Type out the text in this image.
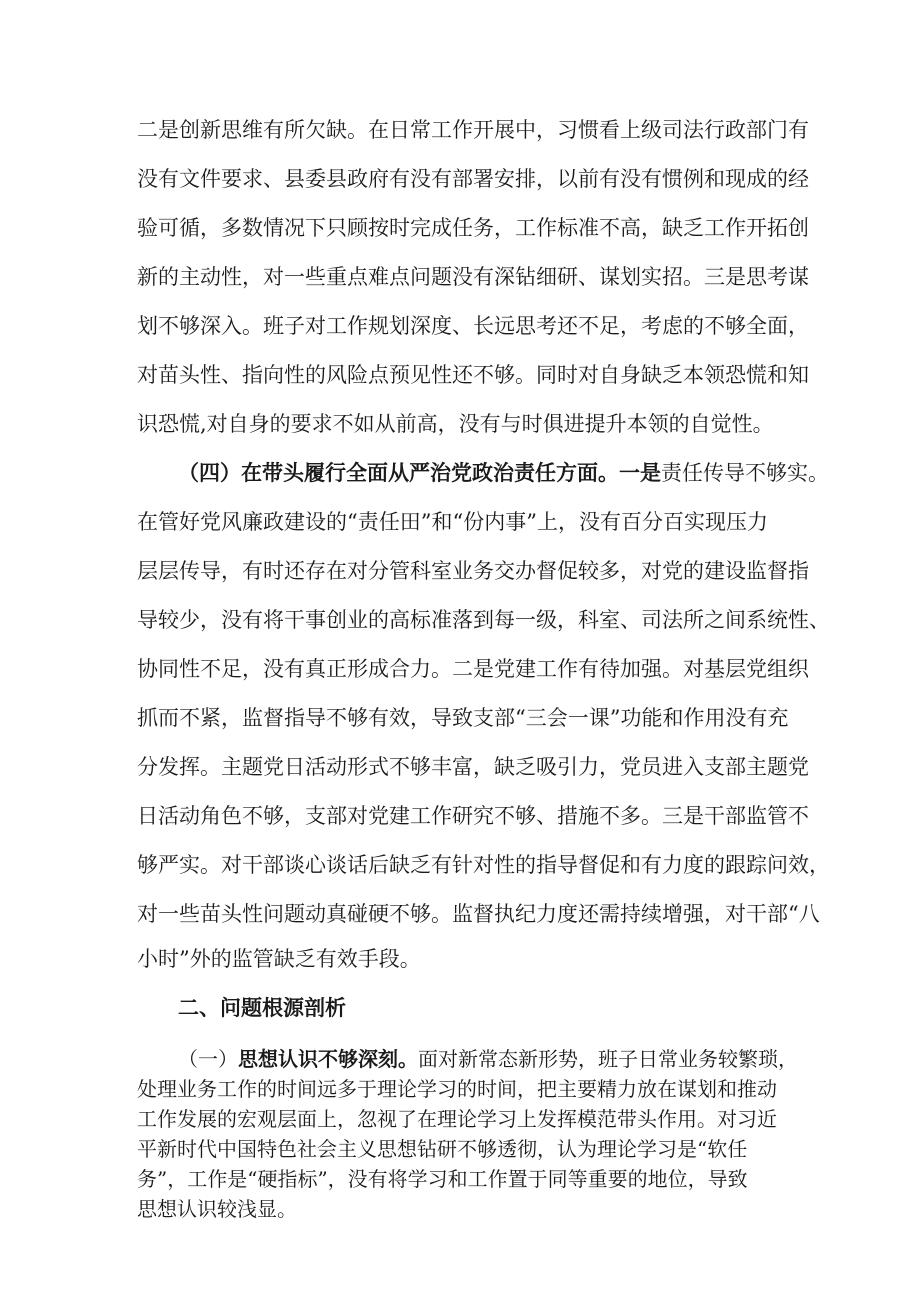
二是创新思维有所欠缺。在日常工作开展中，习惯看上级司法行政部门有
没有文件要求、县委县政府有没有部署安排，以前有没有惯例和现成的经
验可循，多数情况下只顾按时完成任务，工作标准不高，缺乏工作开拓创
新的主动性，对一些重点难点问题没有深钻细研、谋划实招。三是思考谋
划不够深入。班子对工作规划深度、长远思考还不足，考虑的不够全面，
对苗头性、指向性的风险点预见性还不够。同时对自身缺乏本领恐慌和知
识恐慌,对自身的要求不如从前高，没有与时俱进提升本领的自觉性。
（四）在带头履行全面从严治党政治责任方面。一是责任传导不够实。
在管好党风廉政建设的“责任田”和“份内事”上，没有百分百实现压力
层层传导，有时还存在对分管科室业务交办督促较多，对党的建设监督指
导较少，没有将干事创业的高标准落到每一级，科室、司法所之间系统性、
协同性不足，没有真正形成合力。二是党建工作有待加强。对基层党组织
抓而不紧，监督指导不够有效，导致支部“三会一课”功能和作用没有充
分发挥。主题党日活动形式不够丰富，缺乏吸引力，党员进入支部主题党
日活动角色不够，支部对党建工作研究不够、措施不多。三是干部监管不
够严实。对干部谈心谈话后缺乏有针对性的指导督促和有力度的跟踪问效，
对一些苗头性问题动真碰硬不够。监督执纪力度还需持续增强，对干部“八
小时”外的监管缺乏有效手段。
二、问题根源剖析
（一）思想认识不够深刻。面对新常态新形势，班子日常业务较繁琐，
处理业务工作的时间远多于理论学习的时间，把主要精力放在谋划和推动
工作发展的宏观层面上，忽视了在理论学习上发挥模范带头作用。对习近
平新时代中国特色社会主义思想钻研不够透彻，认为理论学习是“软任
务”，工作是“硬指标”，没有将学习和工作置于同等重要的地位，导致
思想认识较浅显。
